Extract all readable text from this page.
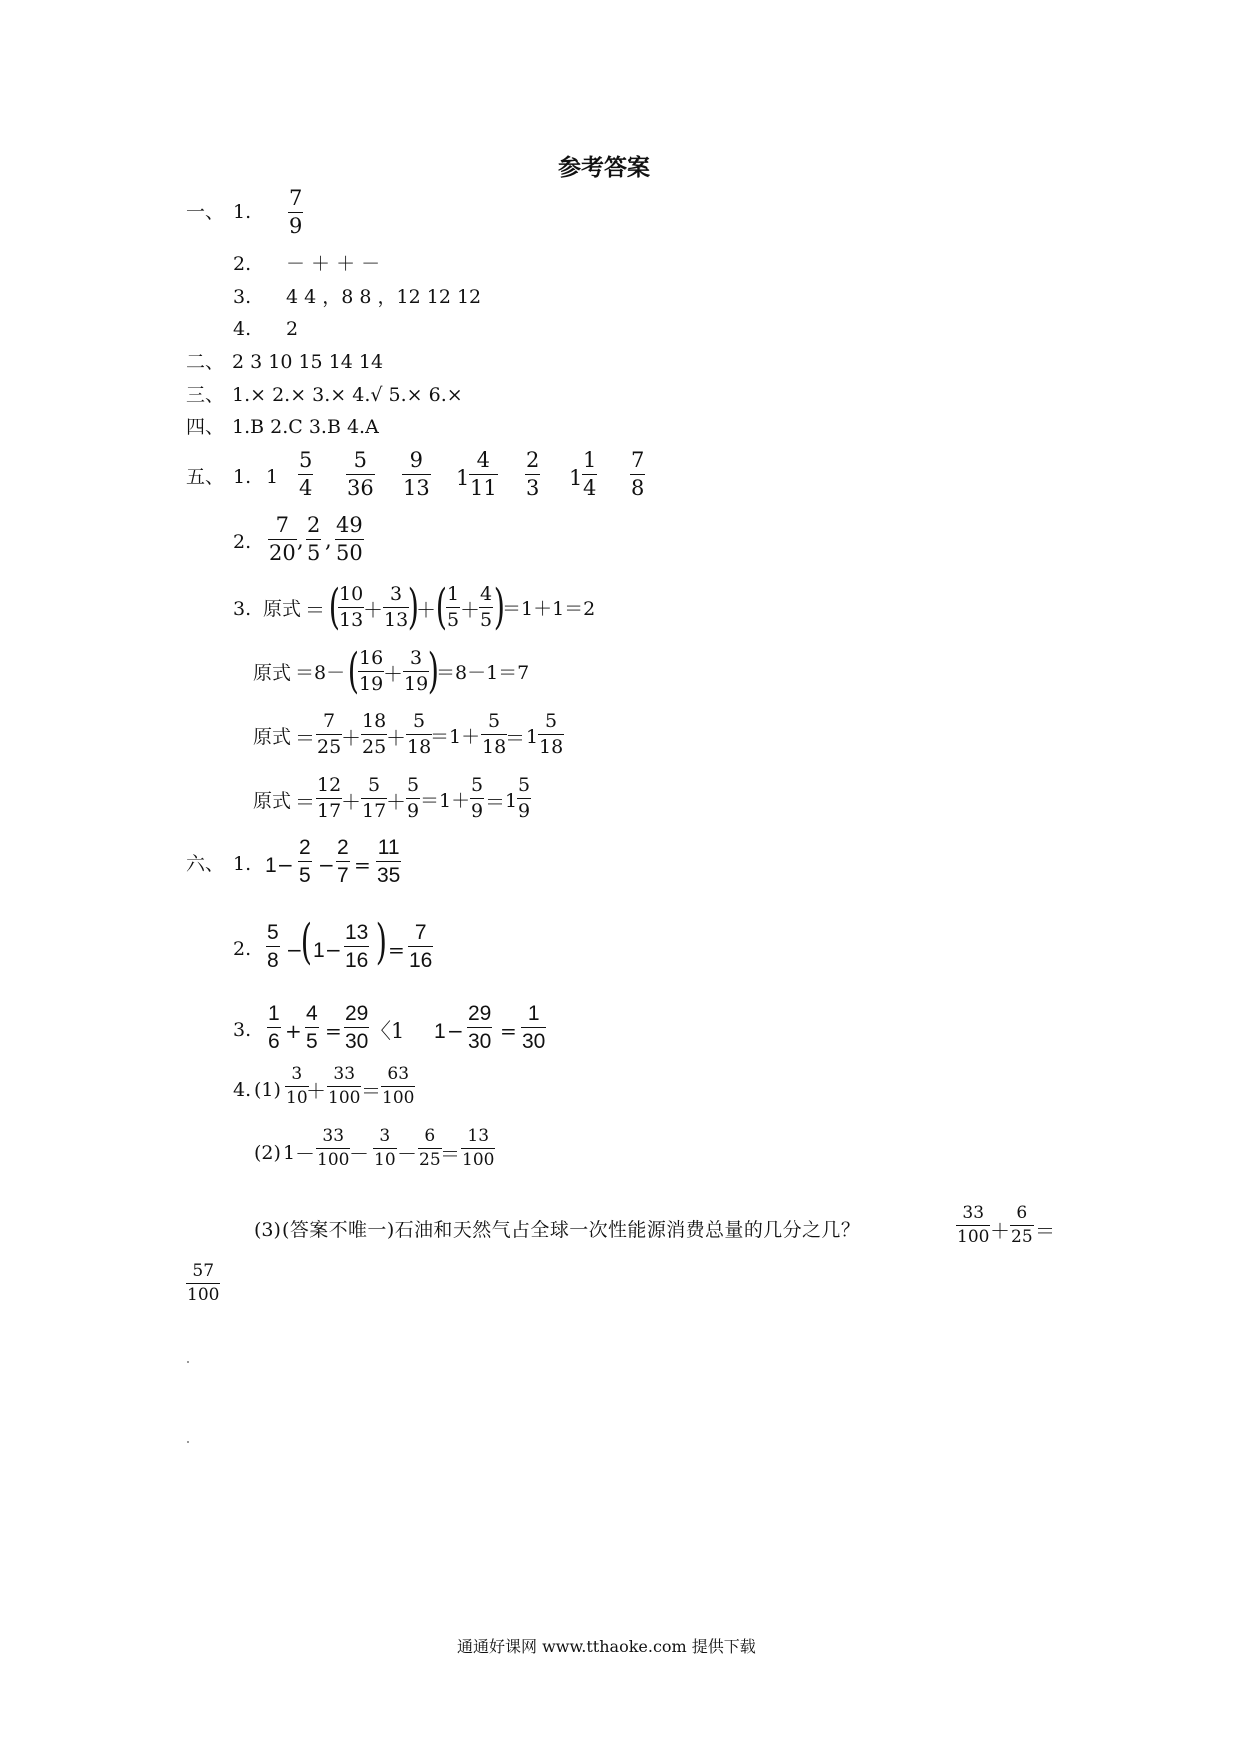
参考答案
一、 1. $\frac{7}{9}$
2. － ＋ ＋ －
3. 4 4 ，8 8 ，12 12 12
4. 2
二、 2 3 10 15 14 14
三、 1.× 2.× 3.× 4.√ 5.× 6.×
四、 1.B 2.C 3.B 4.A
五、 1. $1 \frac{5}{4} \frac{5}{36} \frac{9}{13} 1 \frac{4}{11} \frac{2}{3} 1 \frac{1}{4} \frac{7}{8}$
2. $\frac{7}{20}$ , $\frac{2}{5}$ , $\frac{49}{50}$
3. 原式 ＝ (
$\frac{10}{13}$
＋ $\frac{3}{13}$
)
＋ ( $\frac{1}{5} + \frac{4}{5}$ )
＝1＋1＝2
原式 ＝8－ ( $\frac{16}{19}$
＋ $\frac{3}{19}$
)
＝8－1＝7
原式 ＝ $\frac{7}{25}$
＋ $\frac{18}{25}$
＋ $\frac{5}{18}$
$=1+ \frac{5}{18}$
＝ $1 \frac{5}{18}$
原式 ＝ $\frac{12}{17}$
＋ $\frac{5}{17}$
＋ $\frac{5}{9} =1+ \frac{5}{9} = 1 \frac{5}{9}$
六、 1. $1 - \frac{2}{5} - \frac{2}{7} = \frac{11}{35}$
2. $\frac{5}{8}$ −
( $1 - \frac{13}{16}$ ) = $\frac{7}{16}$
3. $\frac{1}{6} + \frac{4}{5} = \frac{29}{30}$ 〈1 $1 - \frac{29}{30} = \frac{1}{30}$
4. $(1) \frac{3}{10}$
＋ $\frac{33}{100} = \frac{63}{100}$
(2) $1 - \frac{33}{100}$
－ $\frac{3}{10} - \frac{6}{25}$
＝ $\frac{13}{100}$
(3) (答案不唯一)石油和天然气占全球一次性能源消费总量的几分之几？	$\frac{33}{100} + \frac{6}{25}$ ＝
$\frac{57}{100}$
通通好课网 www.tthaoke.com 提供下载
